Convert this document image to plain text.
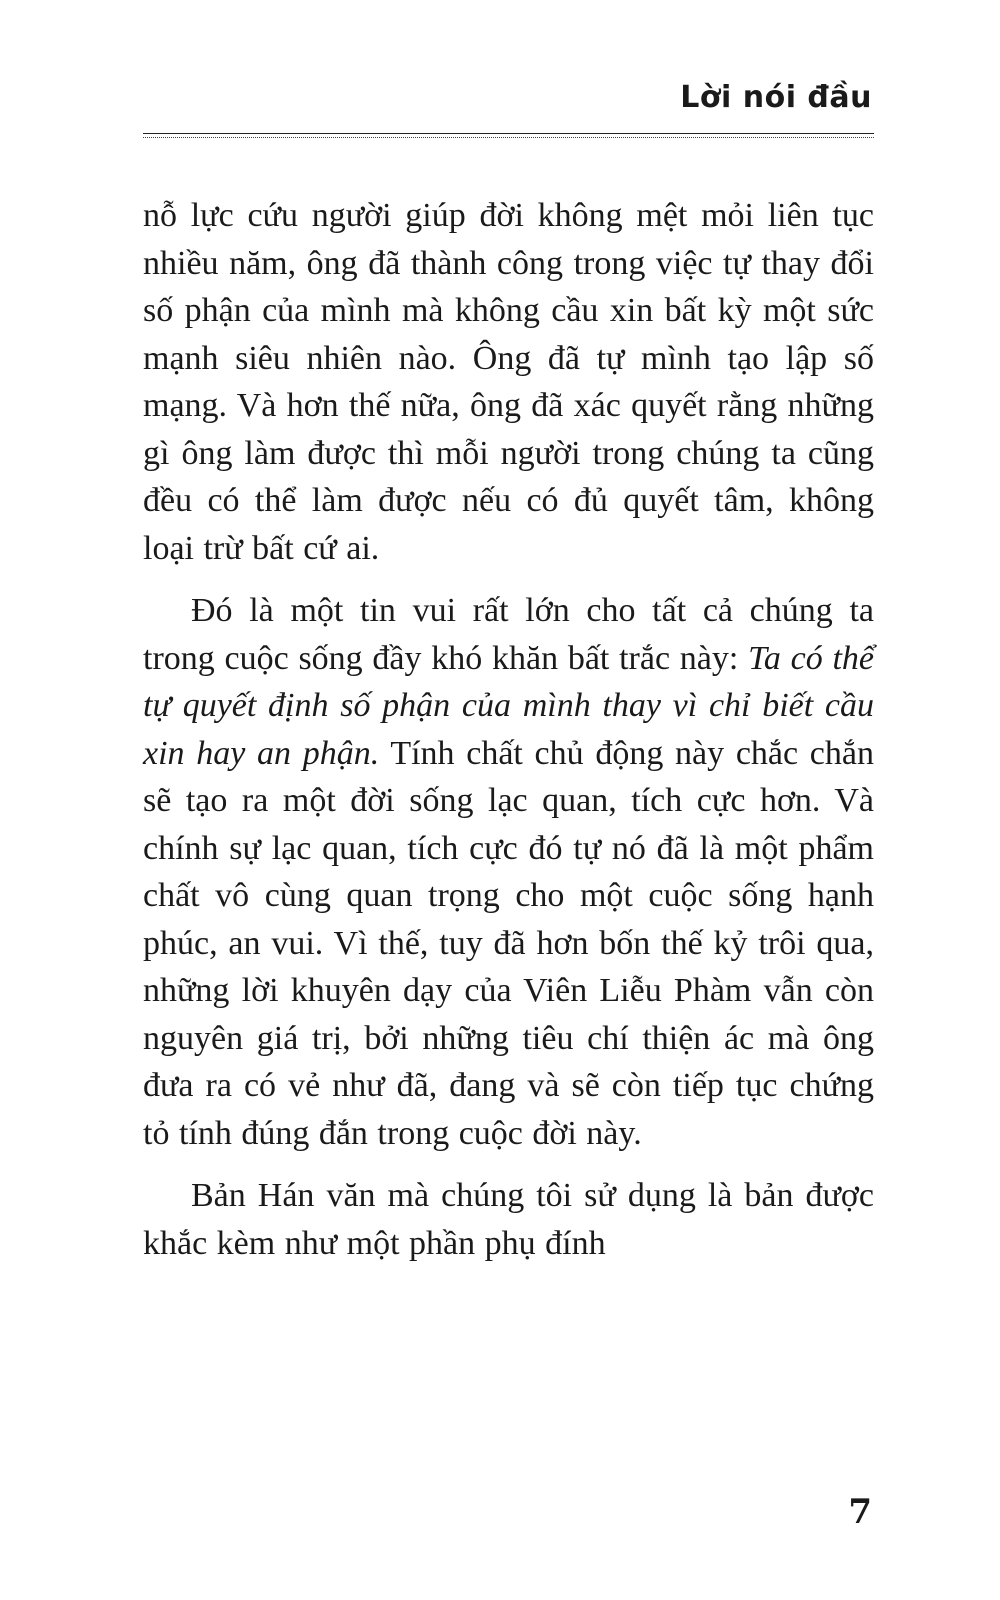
Lời nói đầu

nỗ lực cứu người giúp đời không mệt mỏi liên tục nhiều năm, ông đã thành công trong việc tự thay đổi số phận của mình mà không cầu xin bất kỳ một sức mạnh siêu nhiên nào. Ông đã tự mình tạo lập số mạng. Và hơn thế nữa, ông đã xác quyết rằng những gì ông làm được thì mỗi người trong chúng ta cũng đều có thể làm được nếu có đủ quyết tâm, không loại trừ bất cứ ai.

Đó là một tin vui rất lớn cho tất cả chúng ta trong cuộc sống đầy khó khăn bất trắc này: Ta có thể tự quyết định số phận của mình thay vì chỉ biết cầu xin hay an phận. Tính chất chủ động này chắc chắn sẽ tạo ra một đời sống lạc quan, tích cực hơn. Và chính sự lạc quan, tích cực đó tự nó đã là một phẩm chất vô cùng quan trọng cho một cuộc sống hạnh phúc, an vui. Vì thế, tuy đã hơn bốn thế kỷ trôi qua, những lời khuyên dạy của Viên Liễu Phàm vẫn còn nguyên giá trị, bởi những tiêu chí thiện ác mà ông đưa ra có vẻ như đã, đang và sẽ còn tiếp tục chứng tỏ tính đúng đắn trong cuộc đời này.

Bản Hán văn mà chúng tôi sử dụng là bản được khắc kèm như một phần phụ đính

7
